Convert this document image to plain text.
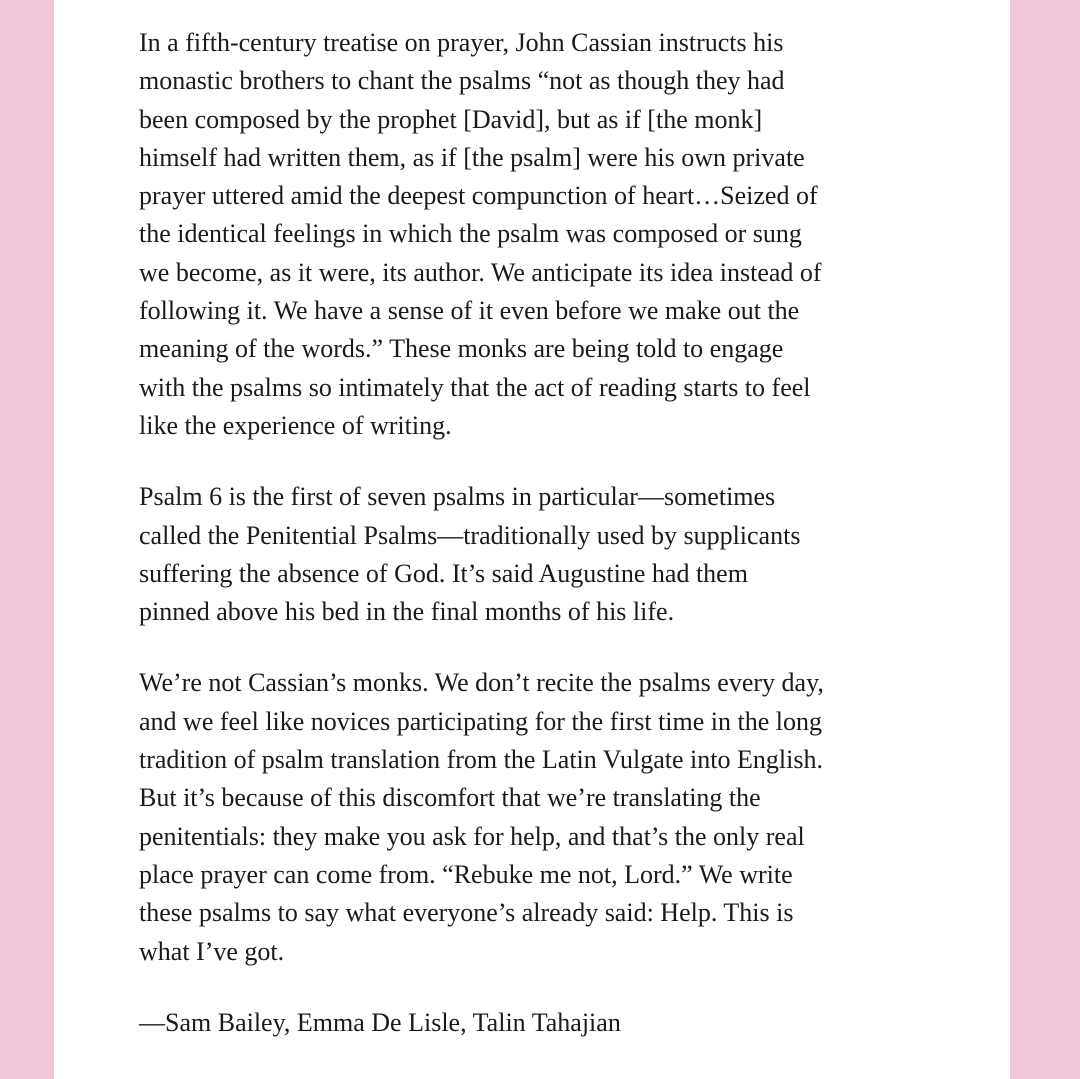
In a fifth-century treatise on prayer, John Cassian instructs his
monastic brothers to chant the psalms “not as though they had
been composed by the prophet [David], but as if [the monk]
himself had written them, as if [the psalm] were his own private
prayer uttered amid the deepest compunction of heart…Seized of
the identical feelings in which the psalm was composed or sung
we become, as it were, its author. We anticipate its idea instead of
following it. We have a sense of it even before we make out the
meaning of the words.” These monks are being told to engage
with the psalms so intimately that the act of reading starts to feel
like the experience of writing.

Psalm 6 is the first of seven psalms in particular—sometimes
called the Penitential Psalms—traditionally used by supplicants
suffering the absence of God. It’s said Augustine had them
pinned above his bed in the final months of his life.

We’re not Cassian’s monks. We don’t recite the psalms every day,
and we feel like novices participating for the first time in the long
tradition of psalm translation from the Latin Vulgate into English.
But it’s because of this discomfort that we’re translating the
penitentials: they make you ask for help, and that’s the only real
place prayer can come from. “Rebuke me not, Lord.” We write
these psalms to say what everyone’s already said: Help. This is
what I’ve got.

—Sam Bailey, Emma De Lisle, Talin Tahajian
